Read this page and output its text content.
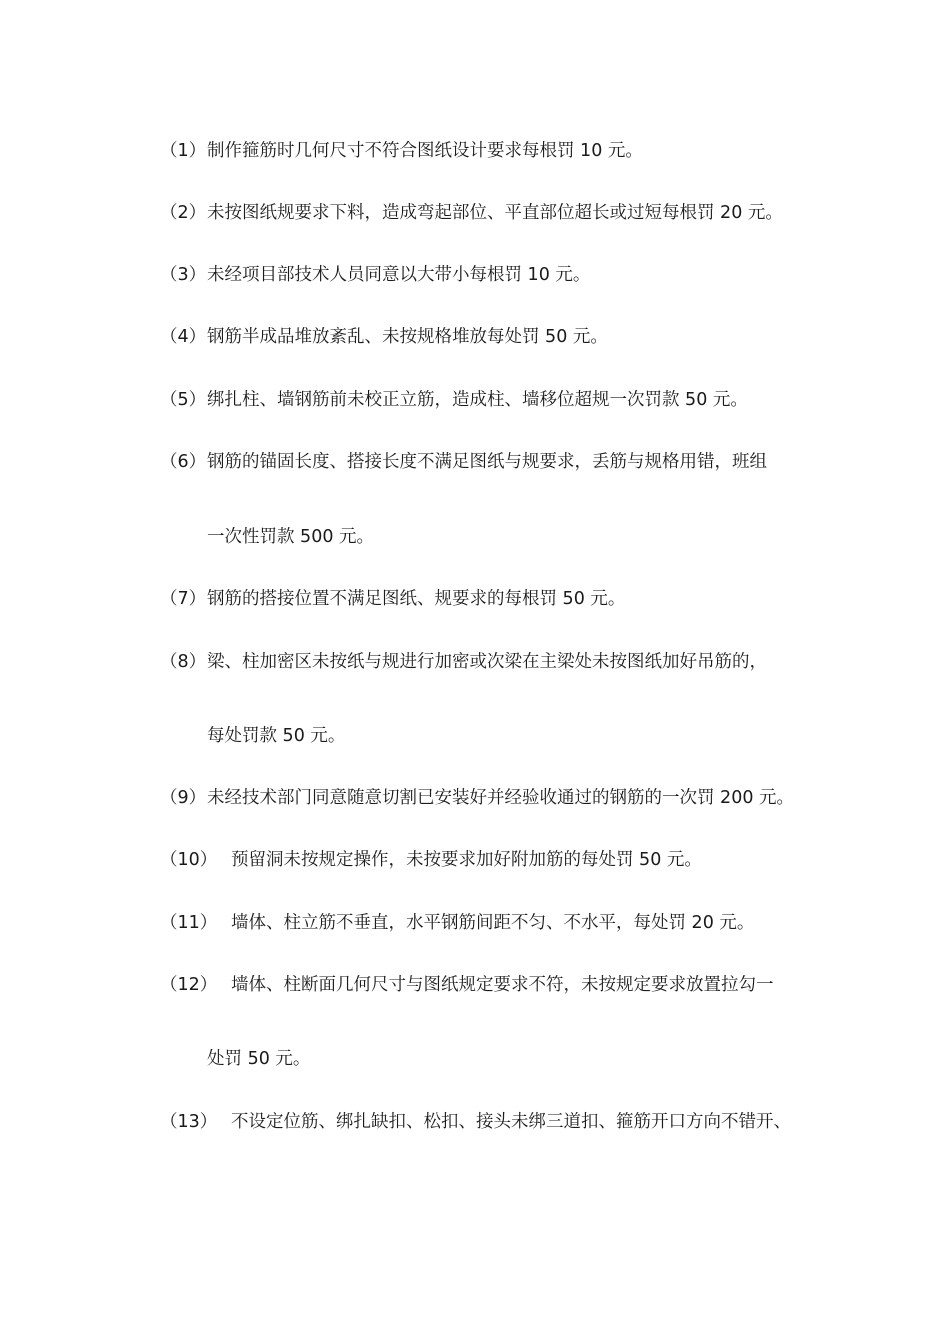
（1） 制作箍筋时几何尺寸不符合图纸设计要求每根罚 10 元。
（2） 未按图纸规要求下料，造成弯起部位、平直部位超长或过短每根罚 20 元。
（3） 未经项目部技术人员同意以大带小每根罚 10 元。
（4） 钢筋半成品堆放紊乱、未按规格堆放每处罚 50 元。
（5） 绑扎柱、墙钢筋前未校正立筋，造成柱、墙移位超规一次罚款 50 元。
（6） 钢筋的锚固长度、搭接长度不满足图纸与规要求，丢筋与规格用错，班组
一次性罚款 500 元。
（7） 钢筋的搭接位置不满足图纸、规要求的每根罚 50 元。
（8） 梁、柱加密区未按纸与规进行加密或次梁在主梁处未按图纸加好吊筋的，
每处罚款 50 元。
（9） 未经技术部门同意随意切割已安装好并经验收通过的钢筋的一次罚 200 元。
（10） 预留洞未按规定操作，未按要求加好附加筋的每处罚 50 元。
（11） 墙体、柱立筋不垂直，水平钢筋间距不匀、不水平，每处罚 20 元。
（12） 墙体、柱断面几何尺寸与图纸规定要求不符，未按规定要求放置拉勾一
处罚 50 元。
（13） 不设定位筋、绑扎缺扣、松扣、接头未绑三道扣、箍筋开口方向不错开、
